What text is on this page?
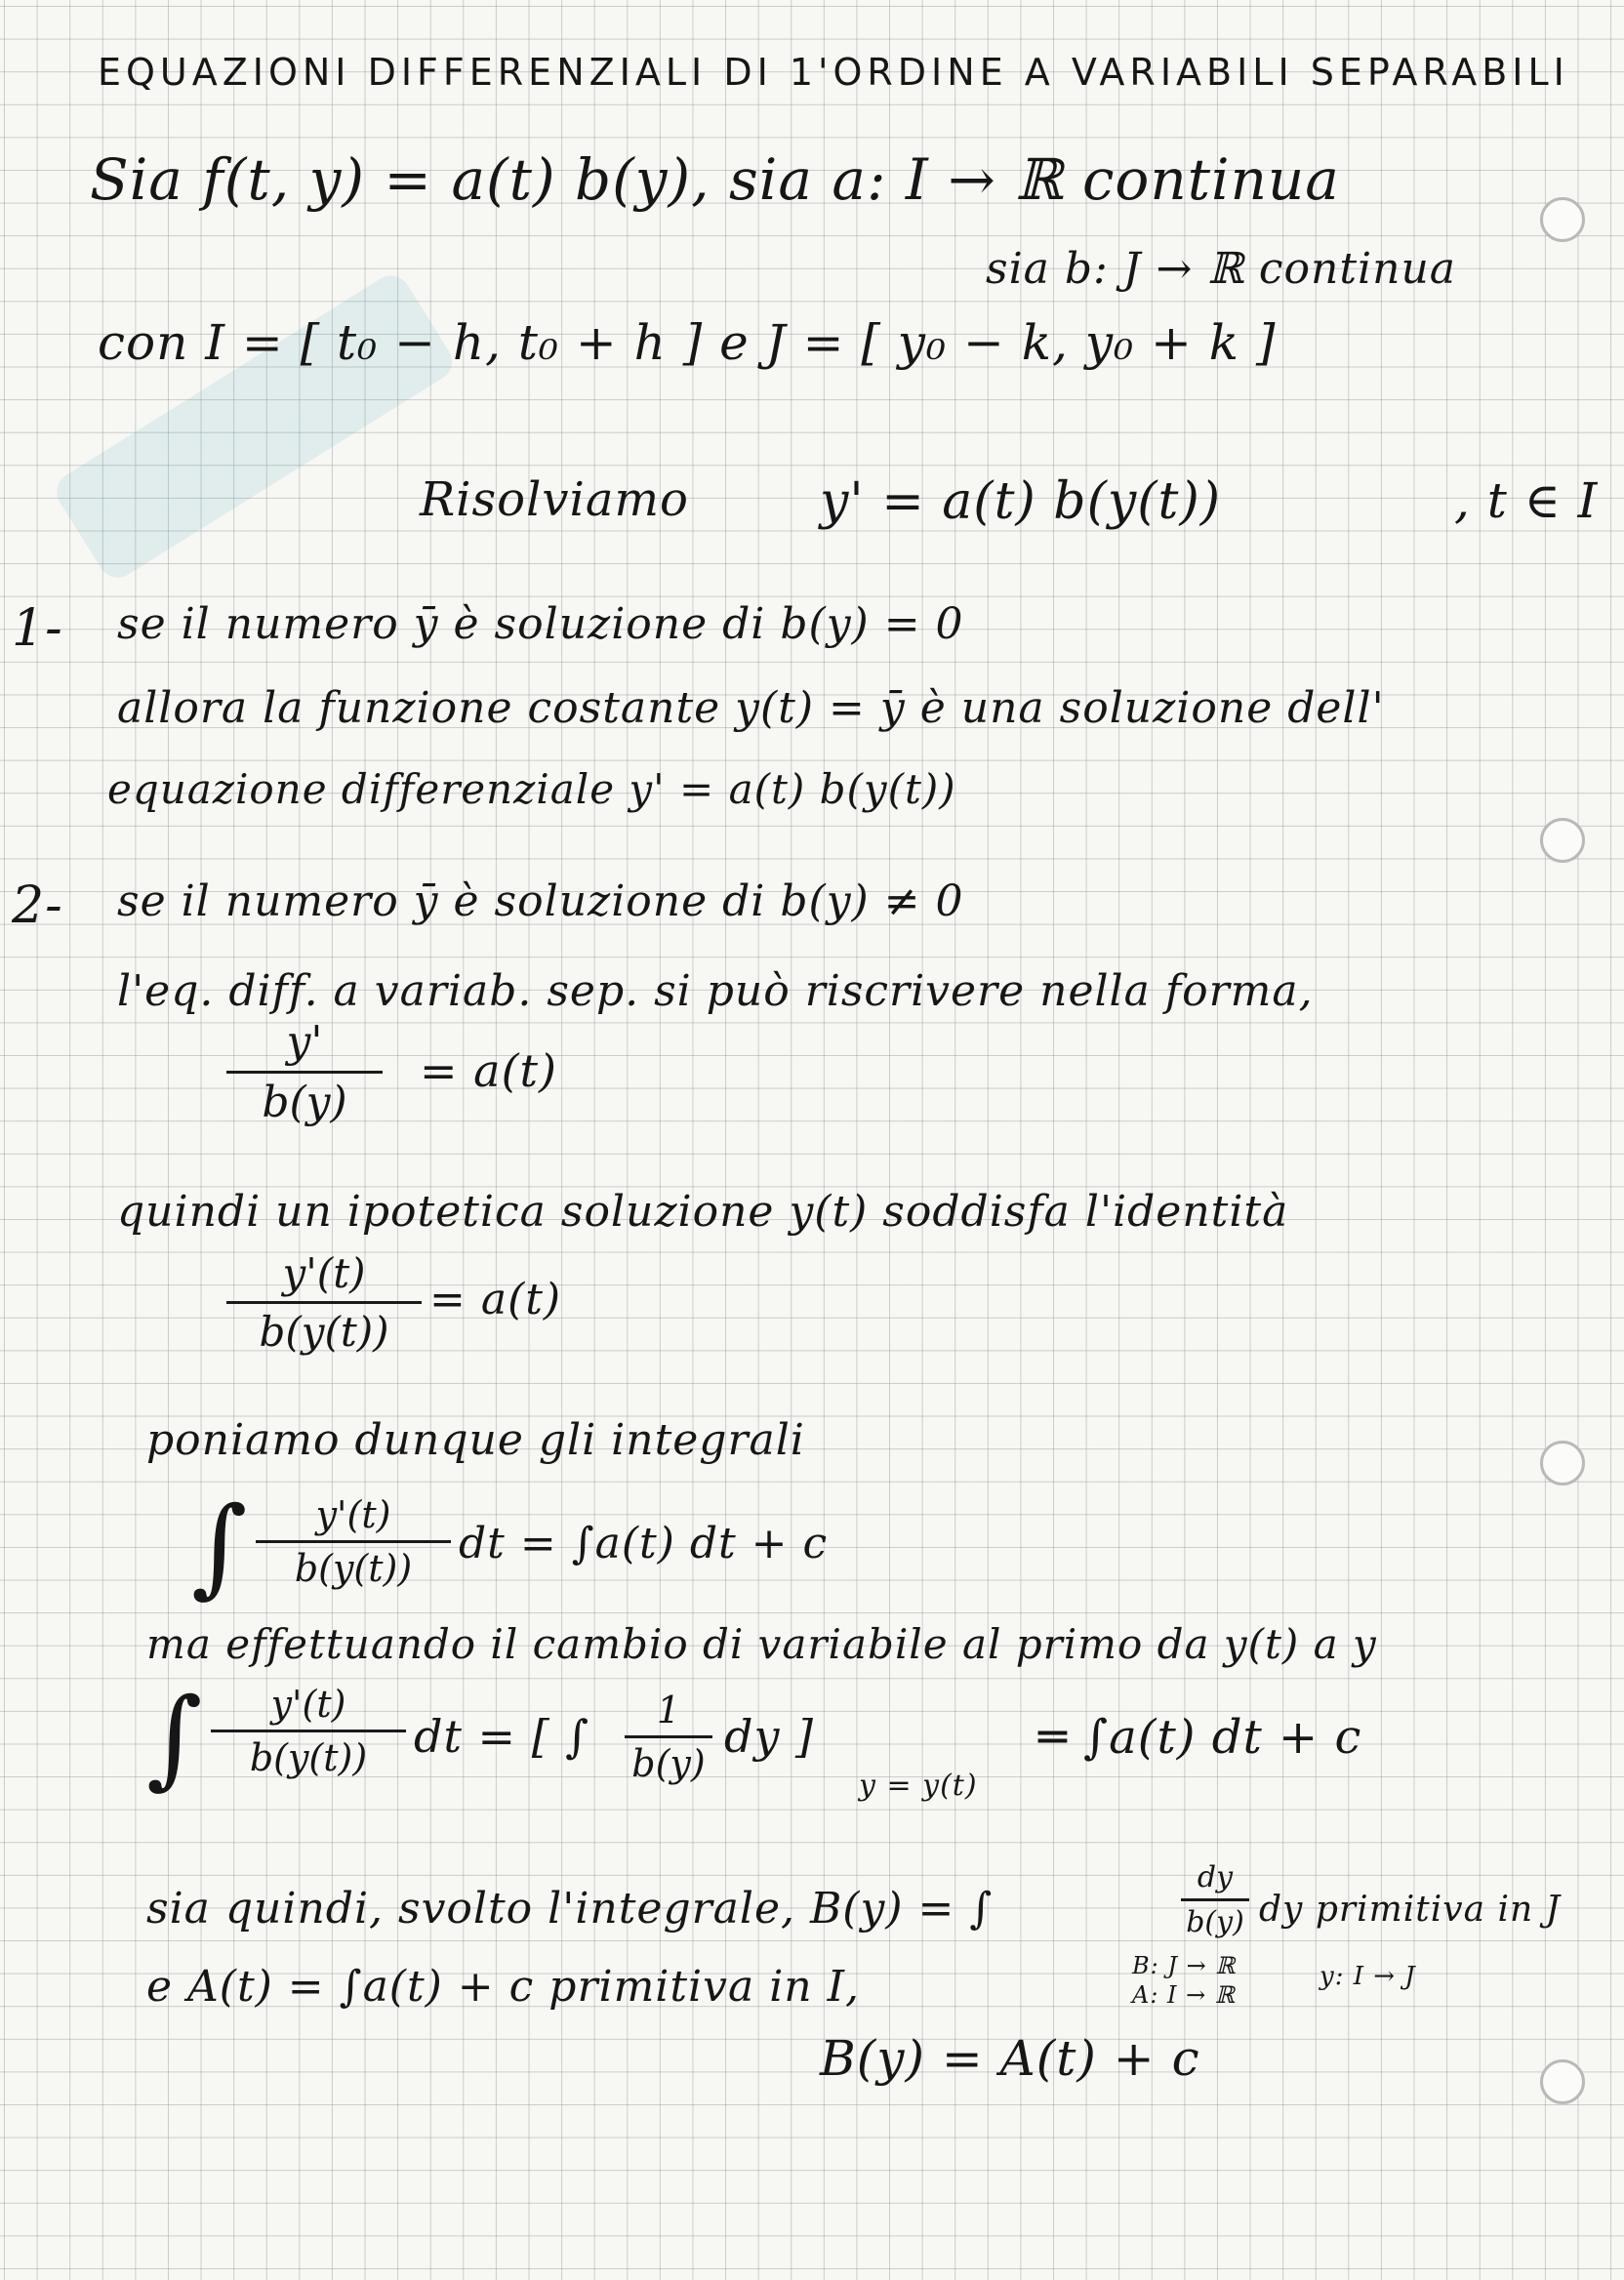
EQUAZIONI DIFFERENZIALI DI 1'ORDINE A VARIABILI SEPARABILI
Sia f(t, y) = a(t) b(y), sia a: I → ℝ continua
sia b: J → ℝ continua
con I = [ t₀ − h, t₀ + h ] e J = [ y₀ − k, y₀ + k ]
Risolviamo	y' = a(t) b(y(t))	, t ∈ I
1- se il numero ȳ è soluzione di b(y) = 0
allora la funzione costante y(t) = ȳ è una soluzione dell'
equazione differenziale y' = a(t) b(y(t))
2- se il numero ȳ è soluzione di b(y) ≠ 0
l'eq. diff. a variab. sep. si può riscrivere nella forma,
y'
b(y)
= a(t)
quindi un ipotetica soluzione y(t) soddisfa l'identità
y'(t)
b(y(t))
= a(t)
poniamo dunque gli integrali
∫	y'(t)
b(y(t))	dt = ∫a(t) dt + c
ma effettuando il cambio di variabile al primo da y(t) a y
∫	y'(t)
b(y(t))	dt = [ ∫	1
b(y)
dy ]
y = y(t)
═ ∫a(t) dt + c
sia quindi, svolto l'integrale, B(y) = ∫
dy
b(y) dy primitiva in J
e A(t) = ∫a(t) + c primitiva in I,	B: J → ℝ
A: I → ℝ
y: I → J
B(y) = A(t) + c
